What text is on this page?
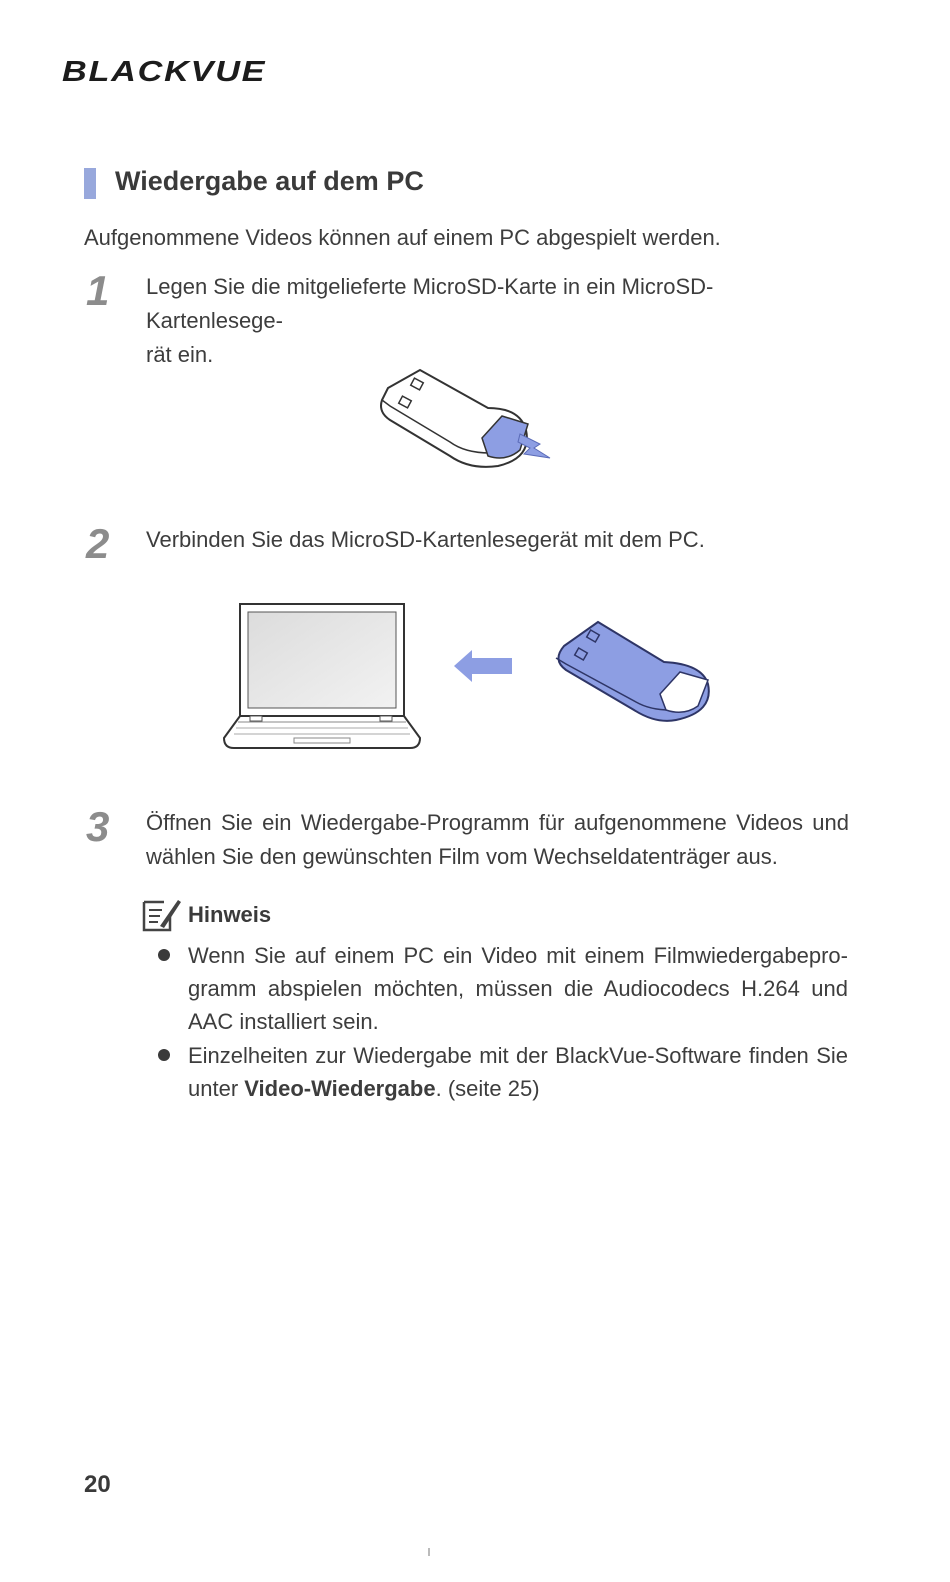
BLACKVUE
Wiedergabe auf dem PC
Aufgenommene Videos können auf einem PC abgespielt werden.
1 Legen Sie die mitgelieferte MicroSD-Karte in ein MicroSD-Kartenlesege-
rät ein.
2 Verbinden Sie das MicroSD-Kartenlesegerät mit dem PC.
3 Öffnen Sie ein Wiedergabe-Programm für aufgenommene Videos und wählen Sie den gewünschten Film vom Wechseldatenträger aus.
Hinweis
Wenn Sie auf einem PC ein Video mit einem Filmwiedergabepro-gramm abspielen möchten, müssen die Audiocodecs H.264 und AAC installiert sein.
Einzelheiten zur Wiedergabe mit der BlackVue-Software finden Sie unter Video-Wiedergabe. (seite 25)
20
